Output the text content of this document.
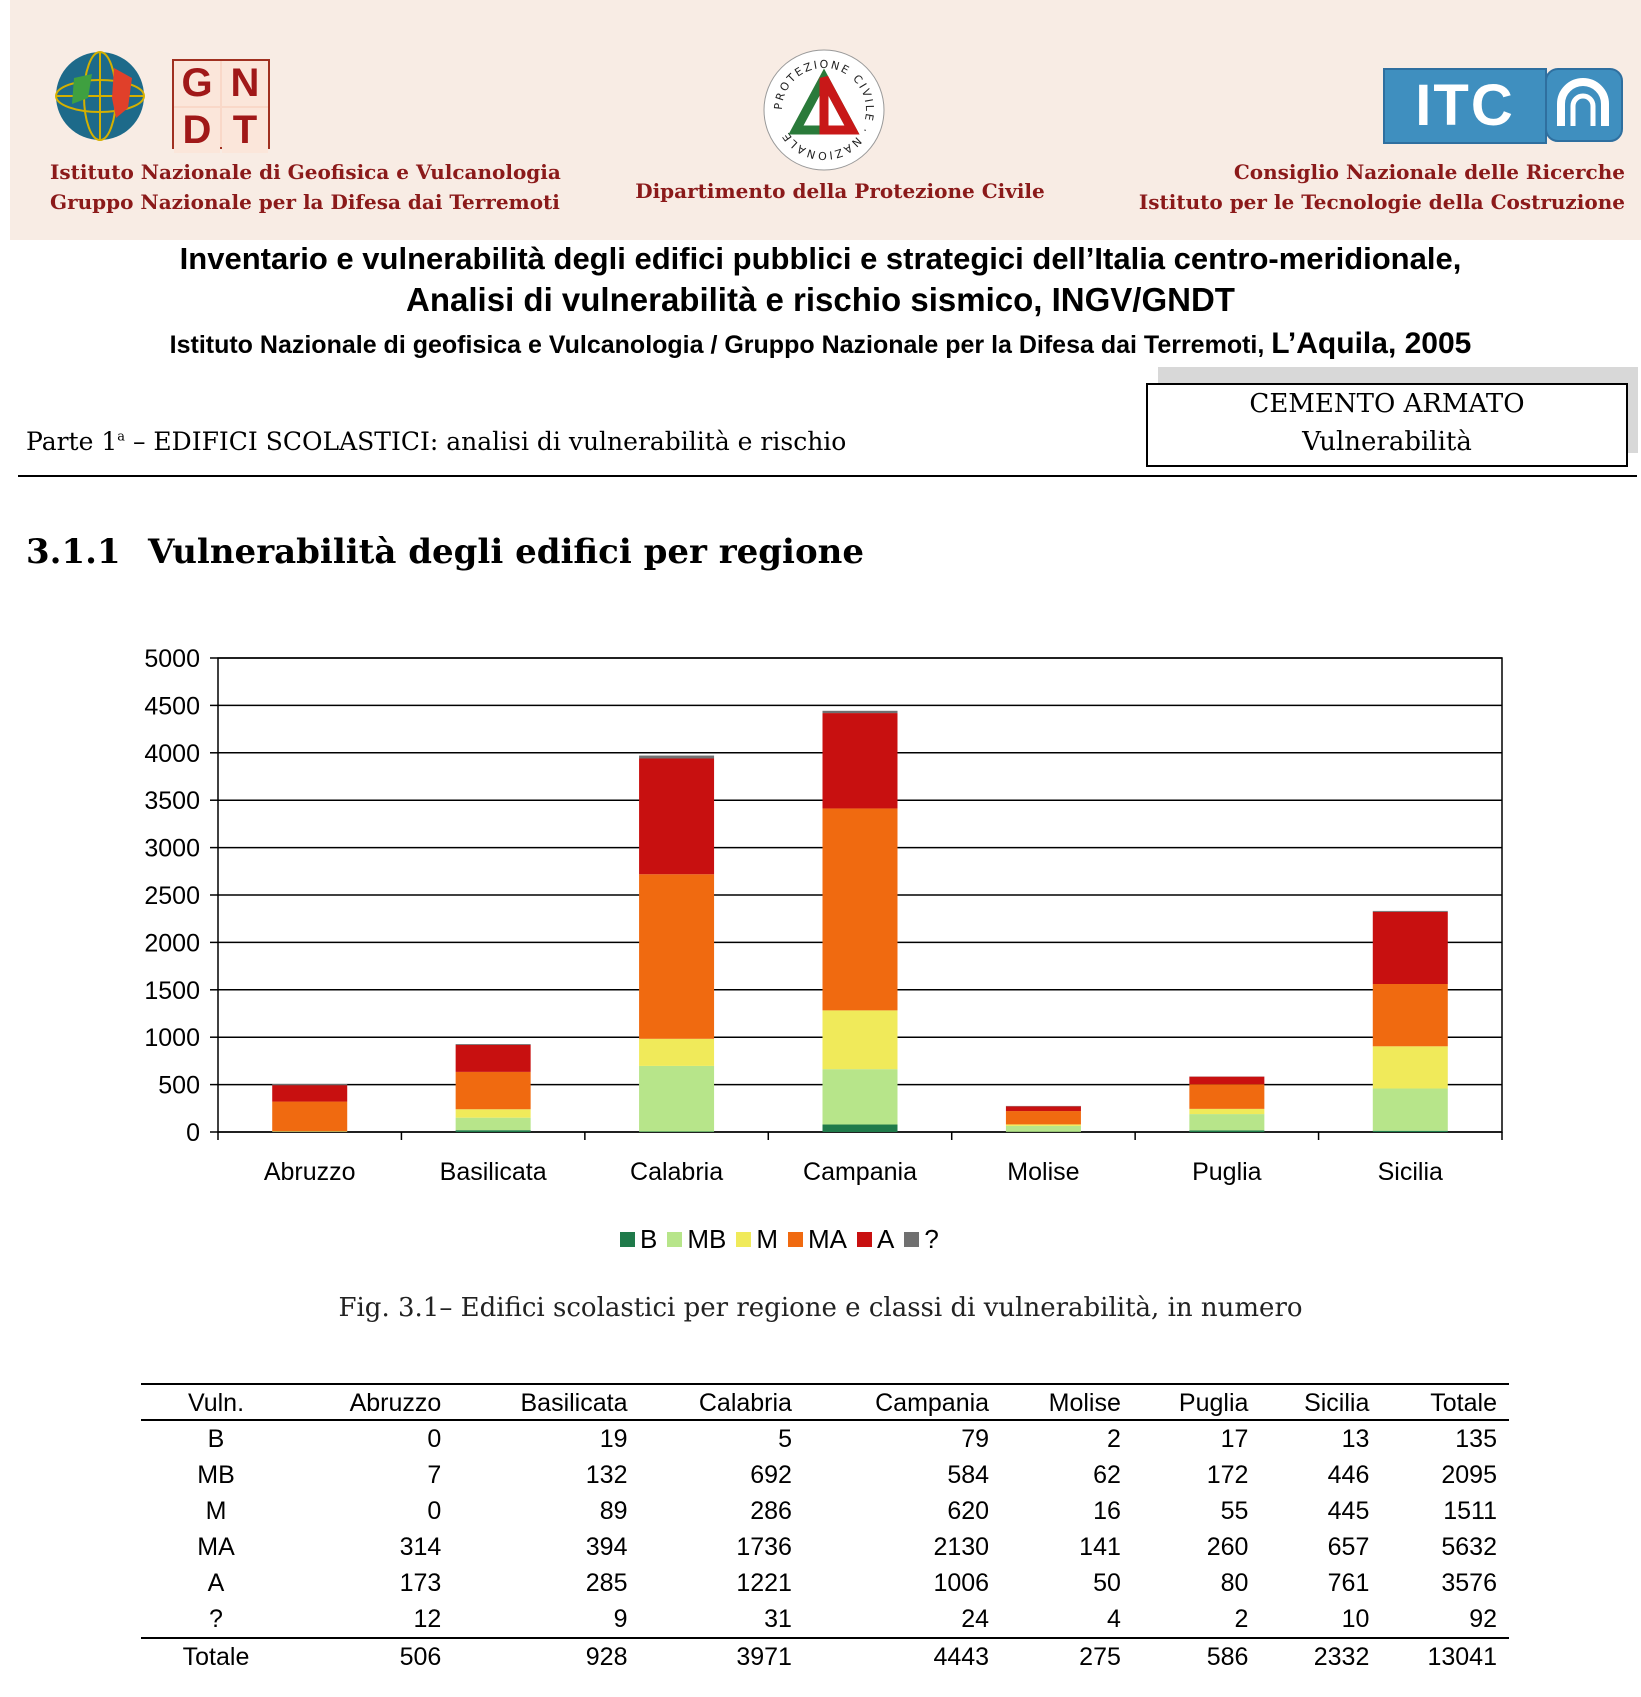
G N
D T
Istituto Nazionale di Geofisica e Vulcanologia
Gruppo Nazionale per la Difesa dai Terremoti
PROTEZIONE CIVILE · NAZIONALE
Dipartimento della Protezione Civile
ITC
Consiglio Nazionale delle Ricerche
Istituto per le Tecnologie della Costruzione
Inventario e vulnerabilità degli edifici pubblici e strategici dell’Italia centro-meridionale,
Analisi di vulnerabilità e rischio sismico, INGV/GNDT
Istituto Nazionale di geofisica e Vulcanologia / Gruppo Nazionale per la Difesa dai Terremoti, L’Aquila, 2005
Parte 1$^a$ – EDIFICI SCOLASTICI: analisi di vulnerabilità e rischio
CEMENTO ARMATO
Vulnerabilità
3.1.1 Vulnerabilità degli edifici per regione
0
500
1000
1500
2000
2500
3000
3500
4000
4500
5000
Abruzzo	Basilicata	Calabria	Campania	Molise	Puglia	Sicilia
B MB M MA A ?
Fig. 3.1– Edifici scolastici per regione e classi di vulnerabilità, in numero
Vuln.	Abruzzo	Basilicata	Calabria	Campania	Molise	Puglia	Sicilia	Totale
B	0	19	5	79	2	17	13	135
MB	7	132	692	584	62	172	446	2095
M	0	89	286	620	16	55	445	1511
MA	314	394	1736	2130	141	260	657	5632
A	173	285	1221	1006	50	80	761	3576
?	12	9	31	24	4	2	10	92
Totale	506	928	3971	4443	275	586	2332	13041
